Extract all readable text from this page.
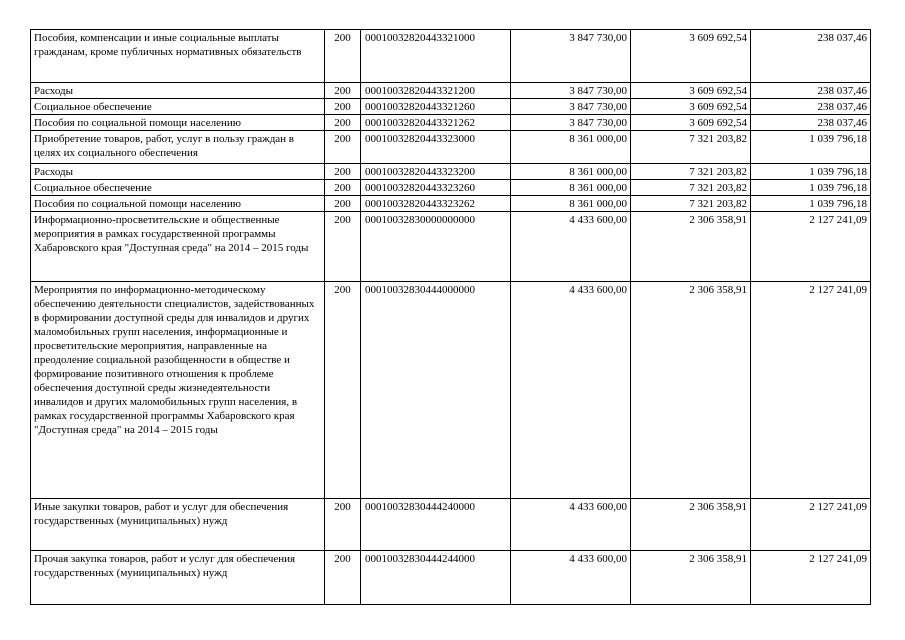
Пособия, компенсации и иные социальные выплаты гражданам, кроме публичных нормативных обязательств	200	00010032820443321000	3 847 730,00	3 609 692,54	238 037,46
Расходы	200	00010032820443321200	3 847 730,00	3 609 692,54	238 037,46
Социальное обеспечение	200	00010032820443321260	3 847 730,00	3 609 692,54	238 037,46
Пособия по социальной помощи населению	200	00010032820443321262	3 847 730,00	3 609 692,54	238 037,46
Приобретение товаров, работ, услуг в пользу граждан в целях их социального обеспечения	200	00010032820443323000	8 361 000,00	7 321 203,82	1 039 796,18
Расходы	200	00010032820443323200	8 361 000,00	7 321 203,82	1 039 796,18
Социальное обеспечение	200	00010032820443323260	8 361 000,00	7 321 203,82	1 039 796,18
Пособия по социальной помощи населению	200	00010032820443323262	8 361 000,00	7 321 203,82	1 039 796,18
Информационно-просветительские и общественные мероприятия в рамках государственной программы Хабаровского края "Доступная среда" на 2014 – 2015 годы	200	00010032830000000000	4 433 600,00	2 306 358,91	2 127 241,09
Мероприятия по информационно-методическому обеспечению деятельности специалистов, задействованных в формировании доступной среды для инвалидов и других маломобильных групп населения, информационные и просветительские мероприятия, направленные на преодоление социальной разобщенности в обществе и формирование позитивного отношения к проблеме обеспечения доступной среды жизнедеятельности инвалидов и других маломобильных групп населения, в рамках государственной программы Хабаровского края "Доступная среда" на 2014 – 2015 годы	200	00010032830444000000	4 433 600,00	2 306 358,91	2 127 241,09
Иные закупки товаров, работ и услуг для обеспечения государственных (муниципальных) нужд	200	00010032830444240000	4 433 600,00	2 306 358,91	2 127 241,09
Прочая закупка товаров, работ и услуг для обеспечения государственных (муниципальных) нужд	200	00010032830444244000	4 433 600,00	2 306 358,91	2 127 241,09
